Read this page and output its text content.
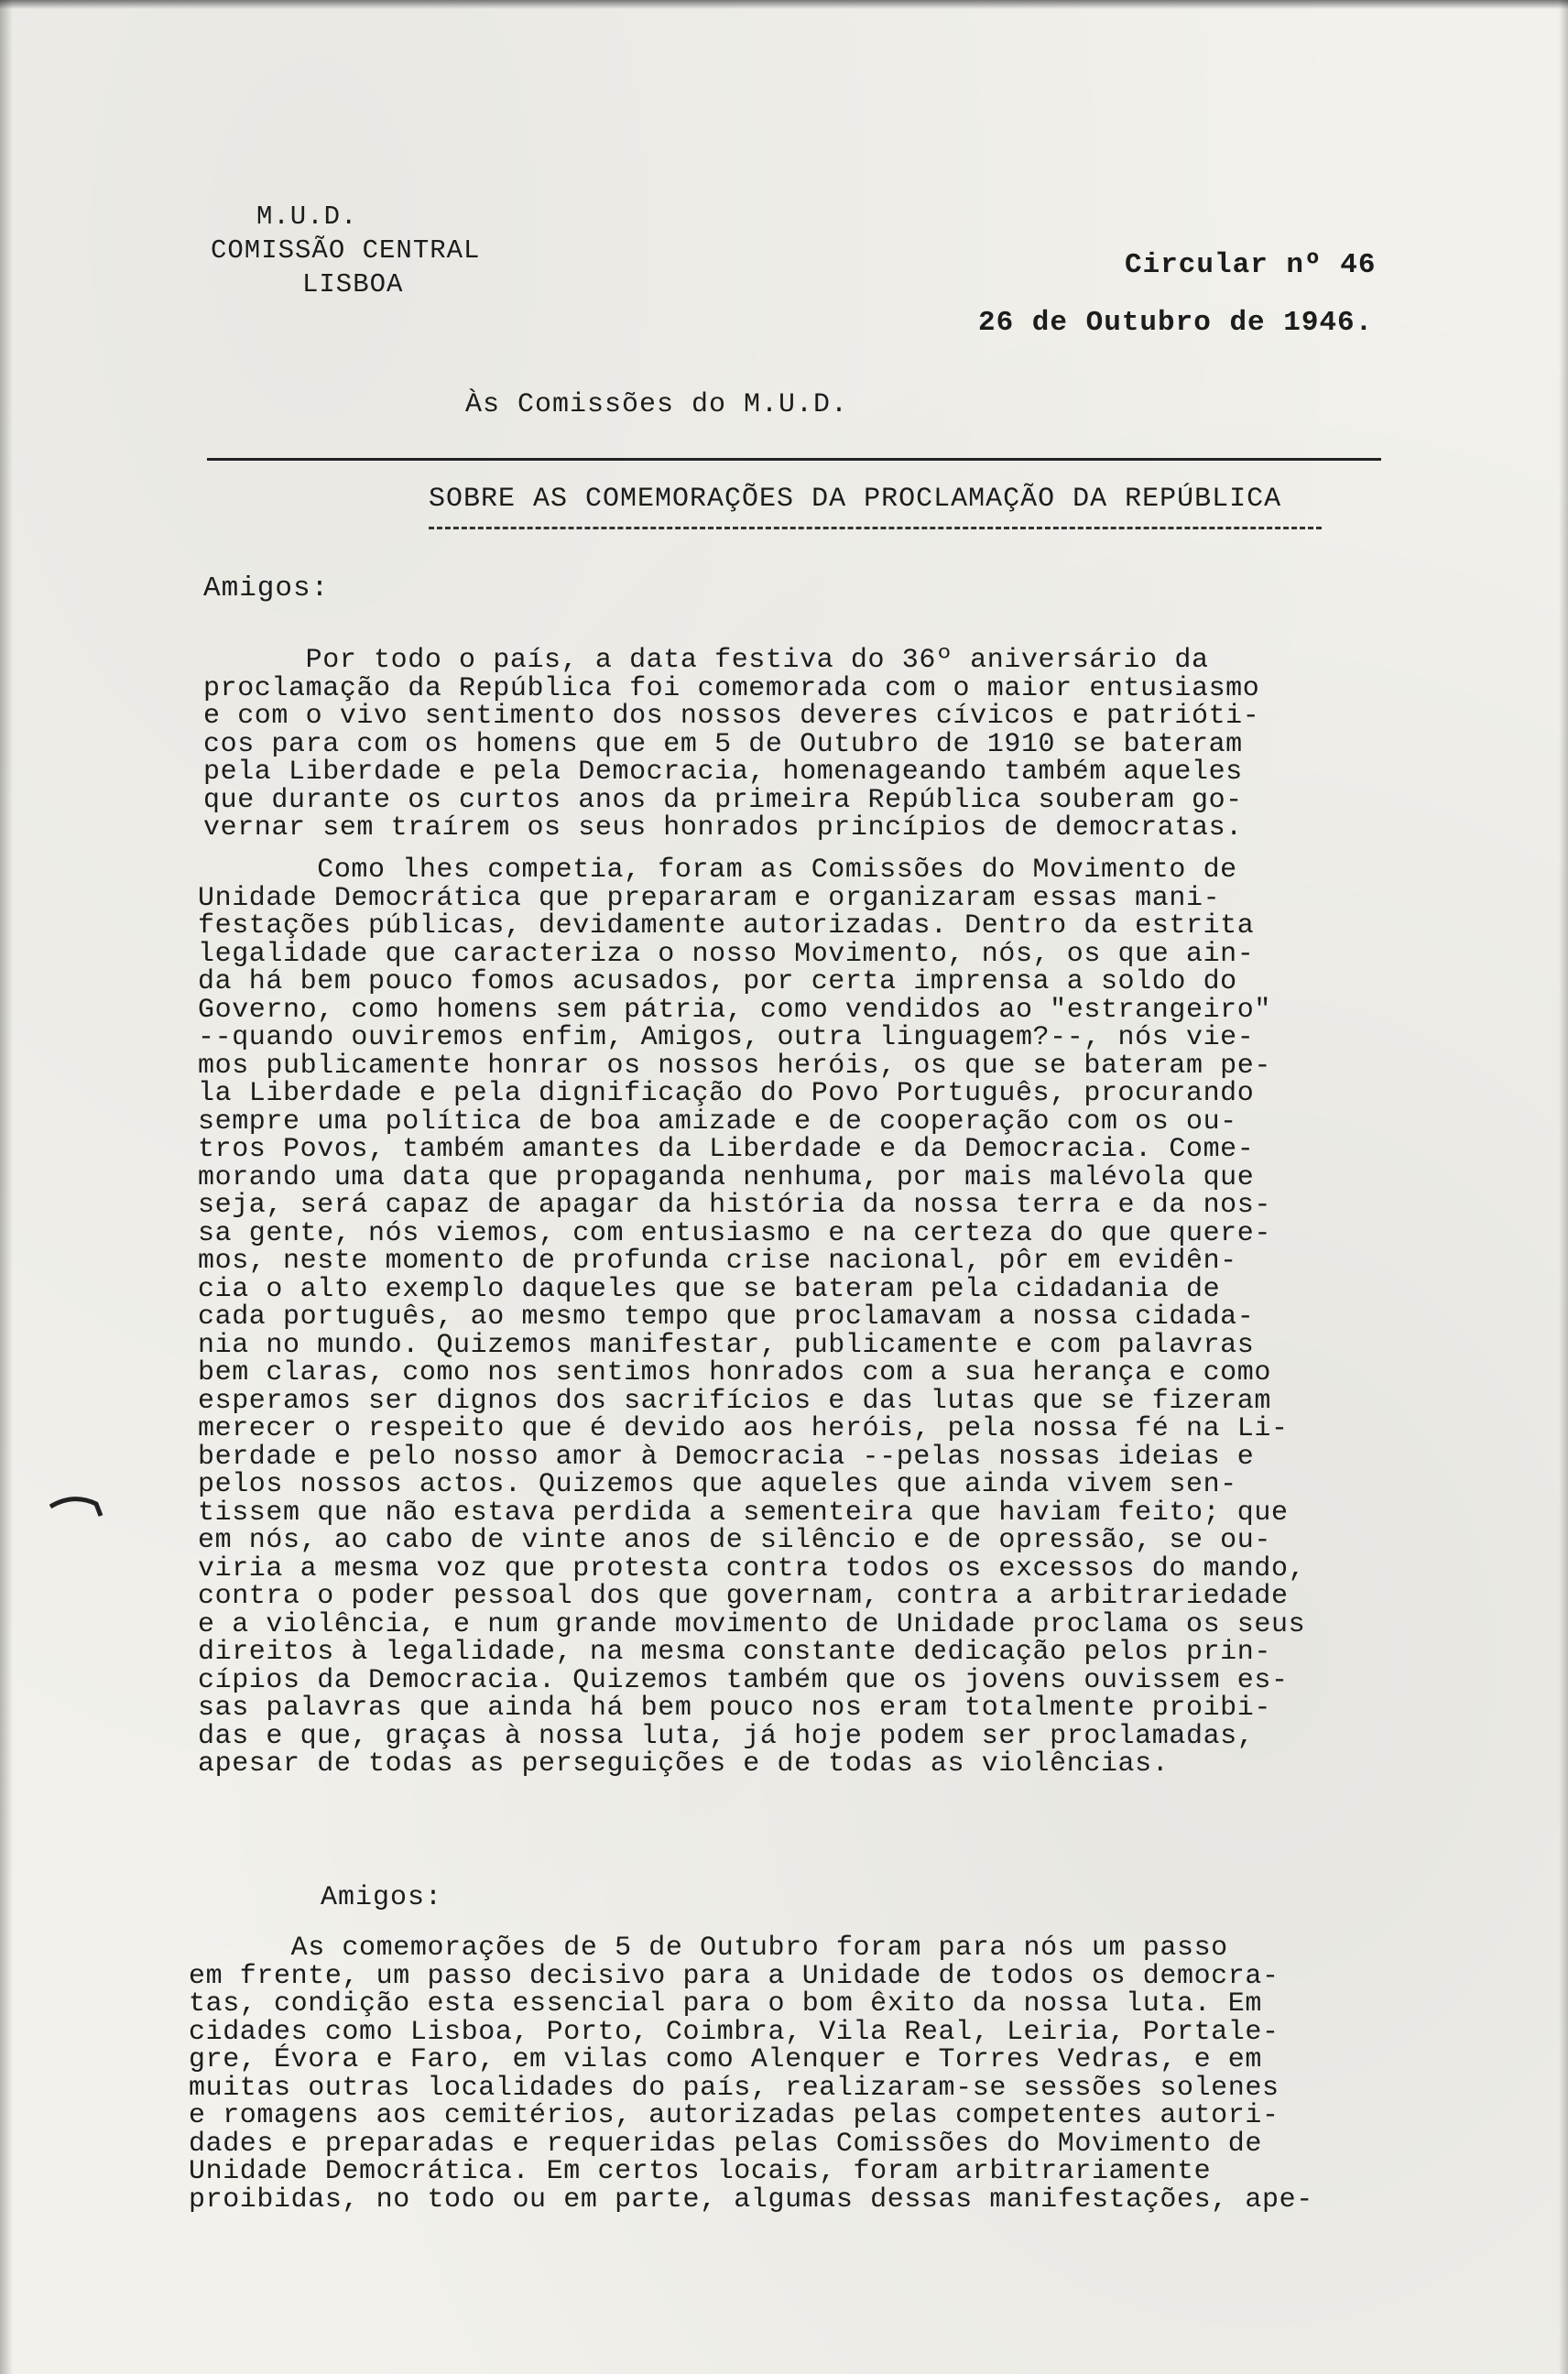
M.U.D.
COMISSÃO CENTRAL
LISBOA
Circular nº 46
26 de Outubro de 1946.
Às Comissões do M.U.D.
SOBRE AS COMEMORAÇÕES DA PROCLAMAÇÃO DA REPÚBLICA
Amigos:
Por todo o país, a data festiva do 36º aniversário da
proclamação da República foi comemorada com o maior entusiasmo
e com o vivo sentimento dos nossos deveres cívicos e patrióti-
cos para com os homens que em 5 de Outubro de 1910 se bateram
pela Liberdade e pela Democracia, homenageando também aqueles
que durante os curtos anos da primeira República souberam go-
vernar sem traírem os seus honrados princípios de democratas.
Como lhes competia, foram as Comissões do Movimento de
Unidade Democrática que prepararam e organizaram essas mani-
festações públicas, devidamente autorizadas. Dentro da estrita
legalidade que caracteriza o nosso Movimento, nós, os que ain-
da há bem pouco fomos acusados, por certa imprensa a soldo do
Governo, como homens sem pátria, como vendidos ao "estrangeiro"
--quando ouviremos enfim, Amigos, outra linguagem?--, nós vie-
mos publicamente honrar os nossos heróis, os que se bateram pe-
la Liberdade e pela dignificação do Povo Português, procurando
sempre uma política de boa amizade e de cooperação com os ou-
tros Povos, também amantes da Liberdade e da Democracia. Come-
morando uma data que propaganda nenhuma, por mais malévola que
seja, será capaz de apagar da história da nossa terra e da nos-
sa gente, nós viemos, com entusiasmo e na certeza do que quere-
mos, neste momento de profunda crise nacional, pôr em evidên-
cia o alto exemplo daqueles que se bateram pela cidadania de
cada português, ao mesmo tempo que proclamavam a nossa cidada-
nia no mundo. Quizemos manifestar, publicamente e com palavras
bem claras, como nos sentimos honrados com a sua herança e como
esperamos ser dignos dos sacrifícios e das lutas que se fizeram
merecer o respeito que é devido aos heróis, pela nossa fé na Li-
berdade e pelo nosso amor à Democracia --pelas nossas ideias e
pelos nossos actos. Quizemos que aqueles que ainda vivem sen-
tissem que não estava perdida a sementeira que haviam feito; que
em nós, ao cabo de vinte anos de silêncio e de opressão, se ou-
viria a mesma voz que protesta contra todos os excessos do mando,
contra o poder pessoal dos que governam, contra a arbitrariedade
e a violência, e num grande movimento de Unidade proclama os seus
direitos à legalidade, na mesma constante dedicação pelos prin-
cípios da Democracia. Quizemos também que os jovens ouvissem es-
sas palavras que ainda há bem pouco nos eram totalmente proibi-
das e que, graças à nossa luta, já hoje podem ser proclamadas,
apesar de todas as perseguições e de todas as violências.
Amigos:
As comemorações de 5 de Outubro foram para nós um passo
em frente, um passo decisivo para a Unidade de todos os democra-
tas, condição esta essencial para o bom êxito da nossa luta. Em
cidades como Lisboa, Porto, Coimbra, Vila Real, Leiria, Portale-
gre, Évora e Faro, em vilas como Alenquer e Torres Vedras, e em
muitas outras localidades do país, realizaram-se sessões solenes
e romagens aos cemitérios, autorizadas pelas competentes autori-
dades e preparadas e requeridas pelas Comissões do Movimento de
Unidade Democrática. Em certos locais, foram arbitrariamente
proibidas, no todo ou em parte, algumas dessas manifestações, ape-
